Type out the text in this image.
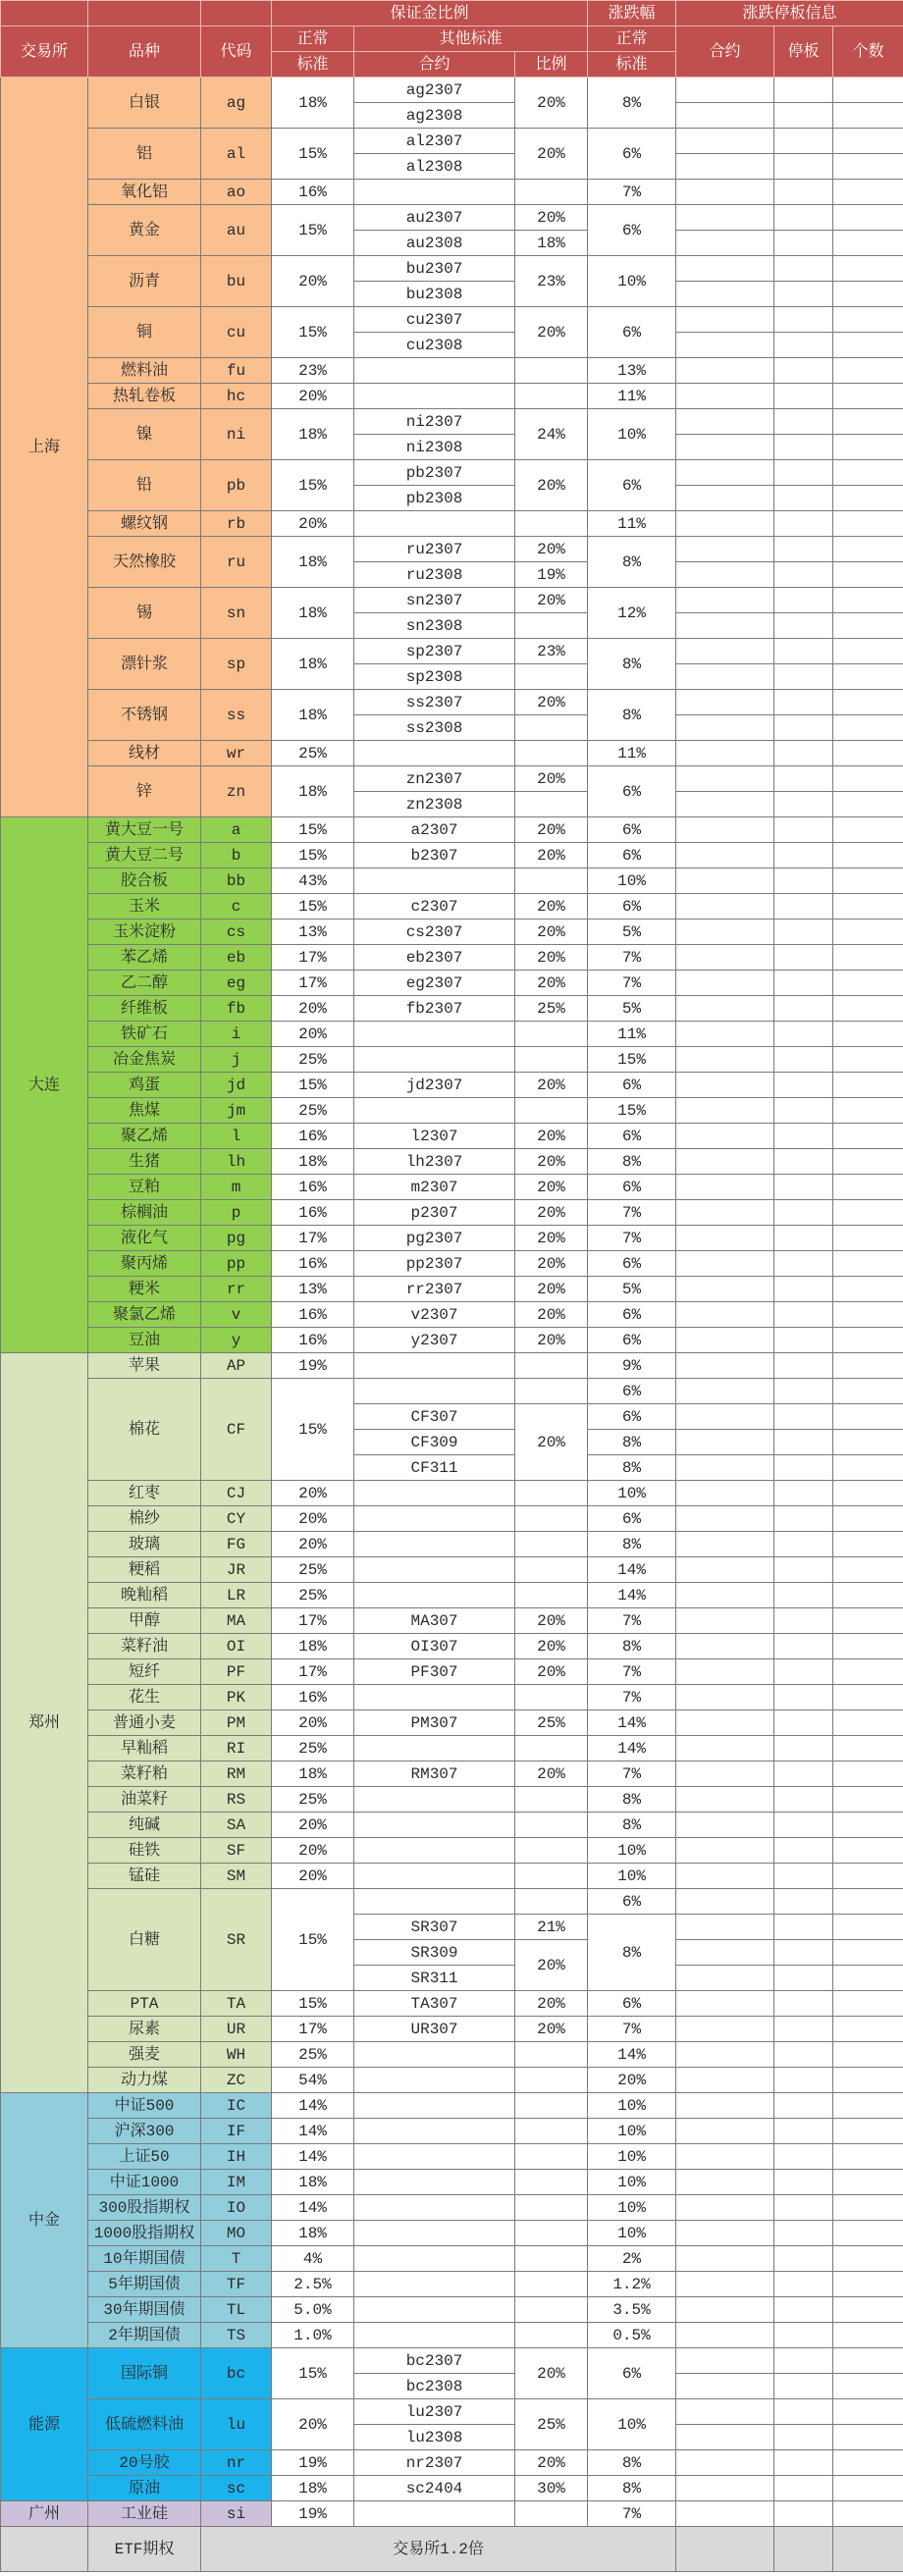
			保证金比例			涨跌幅	涨跌停板信息		
交易所	品种	代码	正常	其他标准		正常	合约	停板	个数
			标准	合约	比例	标准			
上海	白银	ag	18%	ag2307	20%	8%			
				ag2308					
	铝	al	15%	al2307	20%	6%			
				al2308					
	氧化铝	ao	16%			7%			
	黄金	au	15%	au2307	20%	6%			
				au2308	18%				
	沥青	bu	20%	bu2307	23%	10%			
				bu2308					
	铜	cu	15%	cu2307	20%	6%			
				cu2308					
	燃料油	fu	23%			13%			
	热轧卷板	hc	20%			11%			
	镍	ni	18%	ni2307	24%	10%			
				ni2308					
	铅	pb	15%	pb2307	20%	6%			
				pb2308					
	螺纹钢	rb	20%			11%			
	天然橡胶	ru	18%	ru2307	20%	8%			
				ru2308	19%				
	锡	sn	18%	sn2307	20%	12%			
				sn2308					
	漂针浆	sp	18%	sp2307	23%	8%			
				sp2308					
	不锈钢	ss	18%	ss2307	20%	8%			
				ss2308					
	线材	wr	25%			11%			
	锌	zn	18%	zn2307	20%	6%			
				zn2308					
大连	黄大豆一号	a	15%	a2307	20%	6%			
	黄大豆二号	b	15%	b2307	20%	6%			
	胶合板	bb	43%			10%			
	玉米	c	15%	c2307	20%	6%			
	玉米淀粉	cs	13%	cs2307	20%	5%			
	苯乙烯	eb	17%	eb2307	20%	7%			
	乙二醇	eg	17%	eg2307	20%	7%			
	纤维板	fb	20%	fb2307	25%	5%			
	铁矿石	i	20%			11%			
	冶金焦炭	j	25%			15%			
	鸡蛋	jd	15%	jd2307	20%	6%			
	焦煤	jm	25%			15%			
	聚乙烯	l	16%	l2307	20%	6%			
	生猪	lh	18%	lh2307	20%	8%			
	豆粕	m	16%	m2307	20%	6%			
	棕榈油	p	16%	p2307	20%	7%			
	液化气	pg	17%	pg2307	20%	7%			
	聚丙烯	pp	16%	pp2307	20%	6%			
	粳米	rr	13%	rr2307	20%	5%			
	聚氯乙烯	v	16%	v2307	20%	6%			
	豆油	y	16%	y2307	20%	6%			
郑州	苹果	AP	19%			9%			
	棉花	CF	15%			6%			
				CF307	20%	6%			
				CF309		8%			
				CF311		8%			
	红枣	CJ	20%			10%			
	棉纱	CY	20%			6%			
	玻璃	FG	20%			8%			
	粳稻	JR	25%			14%			
	晚籼稻	LR	25%			14%			
	甲醇	MA	17%	MA307	20%	7%			
	菜籽油	OI	18%	OI307	20%	8%			
	短纤	PF	17%	PF307	20%	7%			
	花生	PK	16%			7%			
	普通小麦	PM	20%	PM307	25%	14%			
	早籼稻	RI	25%			14%			
	菜籽粕	RM	18%	RM307	20%	7%			
	油菜籽	RS	25%			8%			
	纯碱	SA	20%			8%			
	硅铁	SF	20%			10%			
	锰硅	SM	20%			10%			
	白糖	SR	15%			6%			
				SR307	21%	8%			
				SR309	20%				
				SR311					
	PTA	TA	15%	TA307	20%	6%			
	尿素	UR	17%	UR307	20%	7%			
	强麦	WH	25%			14%			
	动力煤	ZC	54%			20%			
中金	中证500	IC	14%			10%			
	沪深300	IF	14%			10%			
	上证50	IH	14%			10%			
	中证1000	IM	18%			10%			
	300股指期权	IO	14%			10%			
	1000股指期权	MO	18%			10%			
	10年期国债	T	4%			2%			
	5年期国债	TF	2.5%			1.2%			
	30年期国债	TL	5.0%			3.5%			
	2年期国债	TS	1.0%			0.5%			
能源	国际铜	bc	15%	bc2307	20%	6%			
				bc2308					
	低硫燃料油	lu	20%	lu2307	25%	10%			
				lu2308					
	20号胶	nr	19%	nr2307	20%	8%			
	原油	sc	18%	sc2404	30%	8%			
广州	工业硅	si	19%			7%			
	ETF期权	交易所1.2倍							
